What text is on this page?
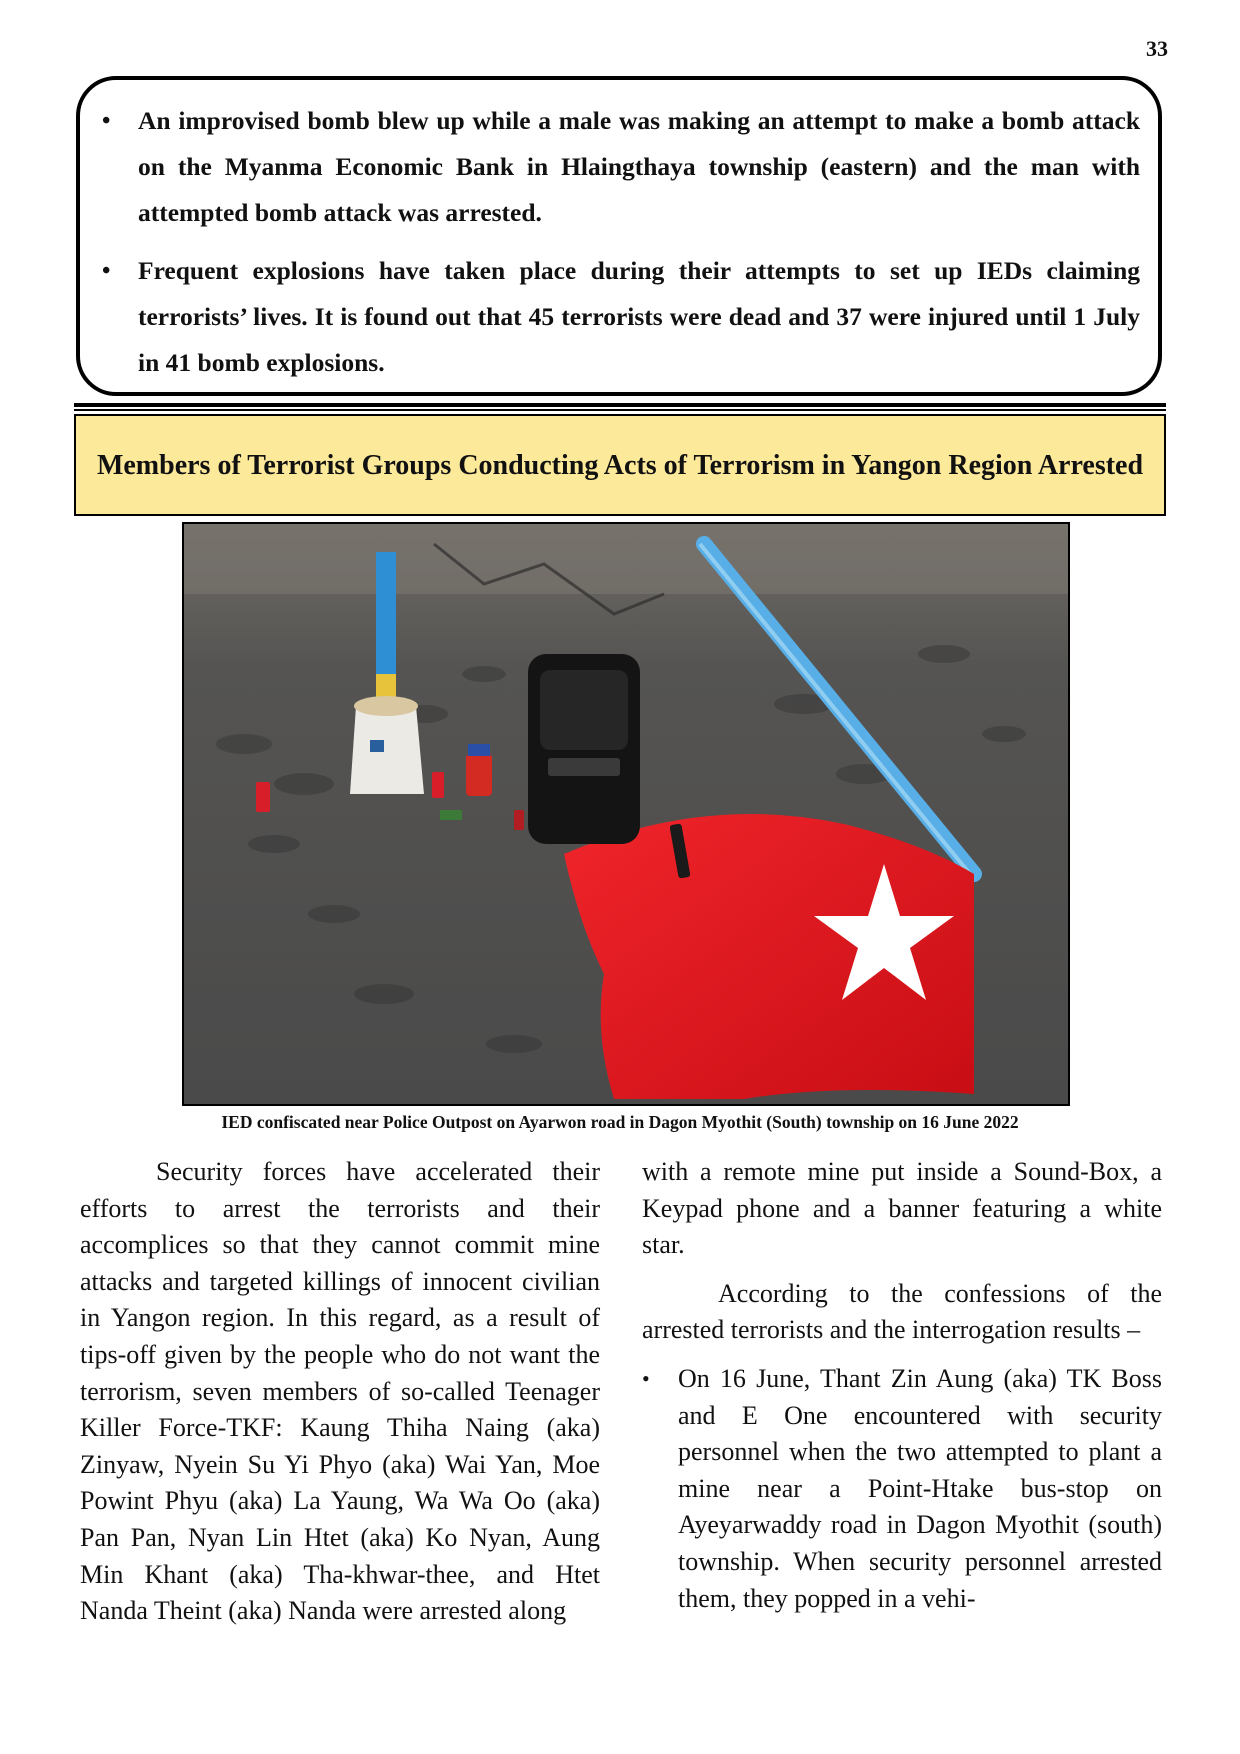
33
• An improvised bomb blew up while a male was making an attempt to make a bomb attack on the Myanma Economic Bank in Hlaingthaya township (eastern) and the man with attempted bomb attack was arrested.
• Frequent explosions have taken place during their attempts to set up IEDs claiming terrorists’ lives. It is found out that 45 terrorists were dead and 37 were injured until 1 July in 41 bomb explosions.
Members of Terrorist Groups Conducting Acts of Terrorism in Yangon Region Arrested
IED confiscated near Police Outpost on Ayarwon road in Dagon Myothit (South) township on 16 June 2022

Security forces have accelerated their efforts to arrest the terrorists and their accomplices so that they cannot commit mine attacks and targeted killings of innocent civilian in Yangon region. In this regard, as a result of tips-off given by the people who do not want the terrorism, seven members of so-called Teenager Killer Force-TKF: Kaung Thiha Naing (aka) Zinyaw, Nyein Su Yi Phyo (aka) Wai Yan, Moe Powint Phyu (aka) La Yaung, Wa Wa Oo (aka) Pan Pan, Nyan Lin Htet (aka) Ko Nyan, Aung Min Khant (aka) Tha-khwar-thee, and Htet Nanda Theint (aka) Nanda were arrested along

with a remote mine put inside a Sound-Box, a Keypad phone and a banner featuring a white star.

According to the confessions of the arrested terrorists and the interrogation results –

• On 16 June, Thant Zin Aung (aka) TK Boss and E One encountered with security personnel when the two attempted to plant a mine near a Point-Htake bus-stop on Ayeyarwaddy road in Dagon Myothit (south) township. When security personnel arrested them, they popped in a vehi-
